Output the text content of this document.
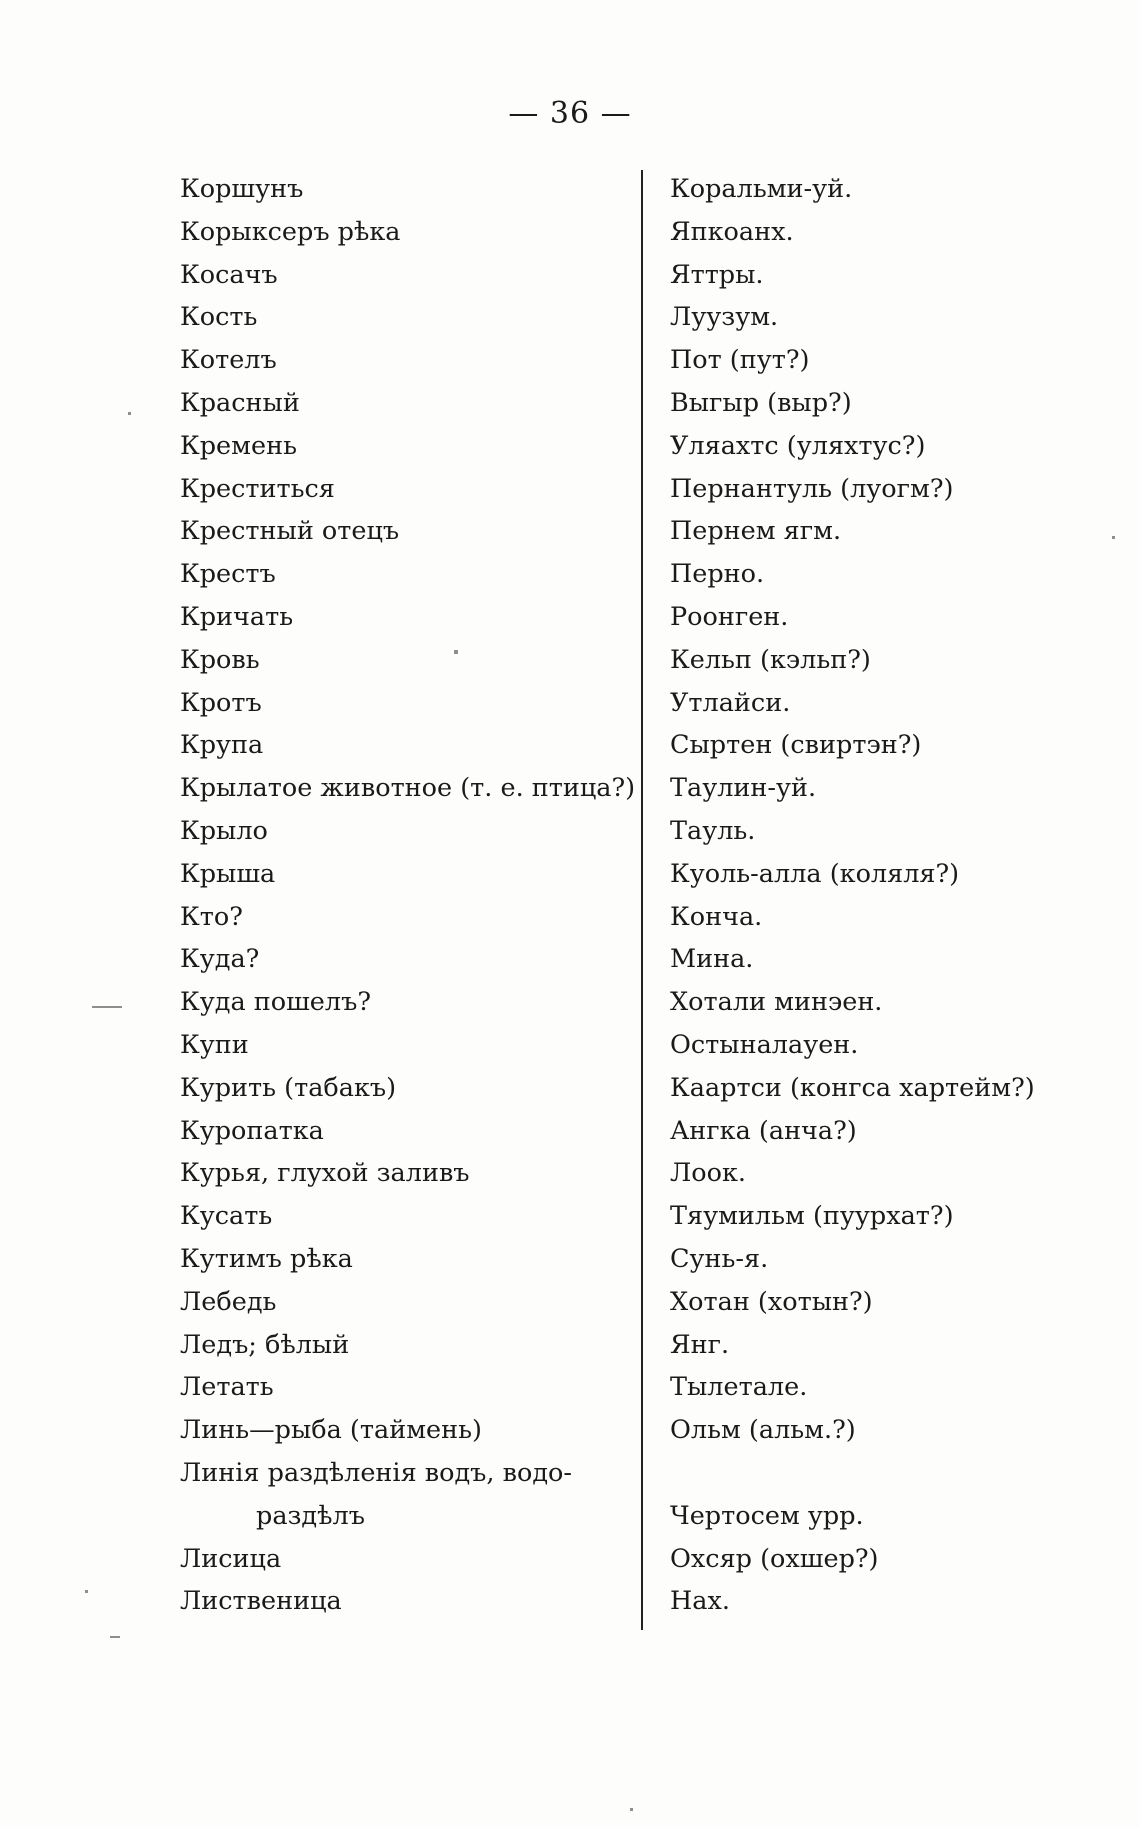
— 36 —
Коршунъ
Корыксеръ рѣка
Косачъ
Кость
Котелъ
Красный
Кремень
Креститься
Крестный отецъ
Крестъ
Кричать
Кровь
Кротъ
Крупа
Крылатое животное (т. е. птица?)
Крыло
Крыша
Кто?
Куда?
Куда пошелъ?
Купи
Курить (табакъ)
Куропатка
Курья, глухой заливъ
Кусать
Кутимъ рѣка
Лебедь
Ледъ; бѣлый
Летать
Линь—рыба (таймень)
Линія раздѣленія водъ, водо-
раздѣлъ
Лисица
Лиственица
Коральми-уй.
Япкоанх.
Яттры.
Луузум.
Пот (пут?)
Выгыр (выр?)
Уляахтс (уляхтус?)
Пернантуль (луогм?)
Пернем ягм.
Перно.
Роонген.
Кельп (кэльп?)
Утлайси.
Сыртен (свиртэн?)
Таулин-уй.
Тауль.
Куоль-алла (коляля?)
Конча.
Мина.
Хотали минэен.
Остыналауен.
Каартси (конгса хартейм?)
Ангка (анча?)
Лоок.
Тяумильм (пуурхат?)
Сунь-я.
Хотан (хотын?)
Янг.
Тылеталe.
Ольм (альм.?)
Чертосем урр.
Охсяр (охшер?)
Нах.
